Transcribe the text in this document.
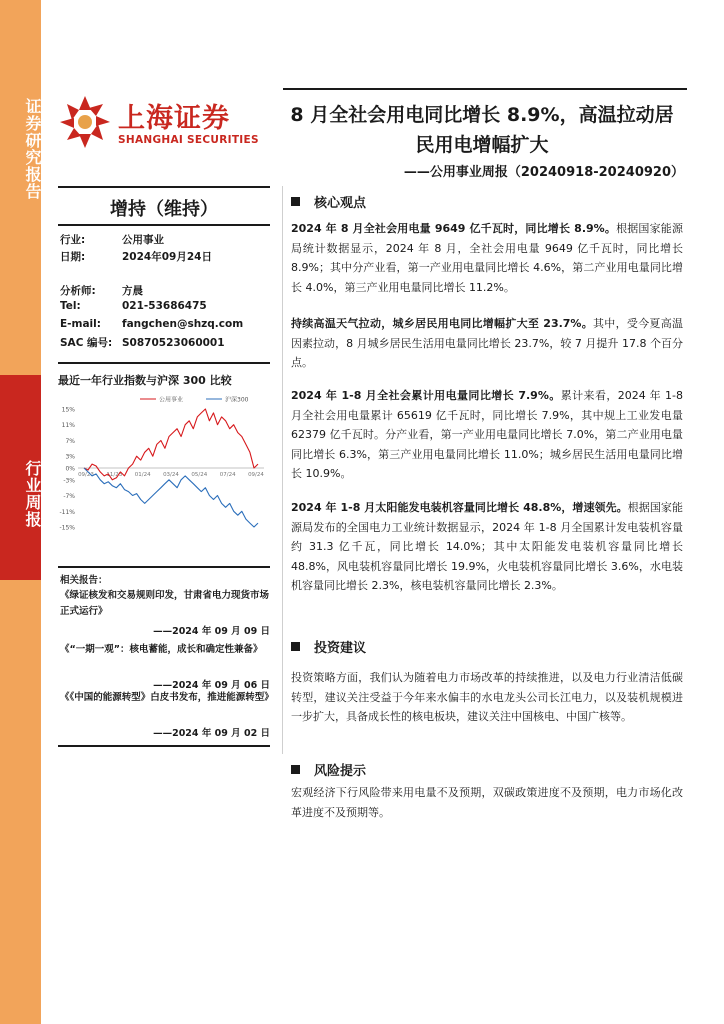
证券研究报告
行业周报
上海证券
SHANGHAI SECURITIES
8 月全社会用电同比增长 8.9%，高温拉动居民用电增幅扩大
——公用事业周报（20240918-20240920）
增持（维持）
行业:	公用事业
日期:	2024年09月24日
分析师:	方晨
Tel:	021-53686475
E-mail: fangchen@shzq.com
SAC 编号: S0870523060001
最近一年行业指数与沪深 300 比较
15%
11%
7%
3%
0%
-3%
-7%
-11%
-15%
09/23 11/23 01/24 03/24 05/24 07/24 09/24
公用事业	沪深300
相关报告：
《绿证核发和交易规则印发，甘肃省电力现货市场正式运行》
——2024 年 09 月 09 日
《“一期一观”：核电蓄能，成长和确定性兼备》
——2024 年 09 月 06 日
《《中国的能源转型》白皮书发布，推进能源转型》
——2024 年 09 月 02 日
核心观点
2024 年 8 月全社会用电量 9649 亿千瓦时，同比增长 8.9%。根据国家能源局统计数据显示，2024 年 8 月，全社会用电量 9649 亿千瓦时，同比增长 8.9%；其中分产业看，第一产业用电量同比增长 4.6%，第二产业用电量同比增长 4.0%，第三产业用电量同比增长 11.2%。
持续高温天气拉动，城乡居民用电同比增幅扩大至 23.7%。其中，受今夏高温因素拉动，8 月城乡居民生活用电量同比增长 23.7%，较 7 月提升 17.8 个百分点。
2024 年 1-8 月全社会累计用电量同比增长 7.9%。累计来看，2024 年 1-8 月全社会用电量累计 65619 亿千瓦时，同比增长 7.9%，其中规上工业发电量 62379 亿千瓦时。分产业看，第一产业用电量同比增长 7.0%，第二产业用电量同比增长 6.3%，第三产业用电量同比增长 11.0%；城乡居民生活用电量同比增长 10.9%。
2024 年 1-8 月太阳能发电装机容量同比增长 48.8%，增速领先。根据国家能源局发布的全国电力工业统计数据显示，2024 年 1-8 月全国累计发电装机容量约 31.3 亿千瓦，同比增长 14.0%；其中太阳能发电装机容量同比增长 48.8%，风电装机容量同比增长 19.9%，火电装机容量同比增长 3.6%，水电装机容量同比增长 2.3%，核电装机容量同比增长 2.3%。
投资建议
投资策略方面，我们认为随着电力市场改革的持续推进，以及电力行业清洁低碳转型，建议关注受益于今年来水偏丰的水电龙头公司长江电力，以及装机规模进一步扩大，具备成长性的核电板块，建议关注中国核电、中国广核等。
风险提示
宏观经济下行风险带来用电量不及预期，双碳政策进度不及预期，电力市场化改革进度不及预期等。
